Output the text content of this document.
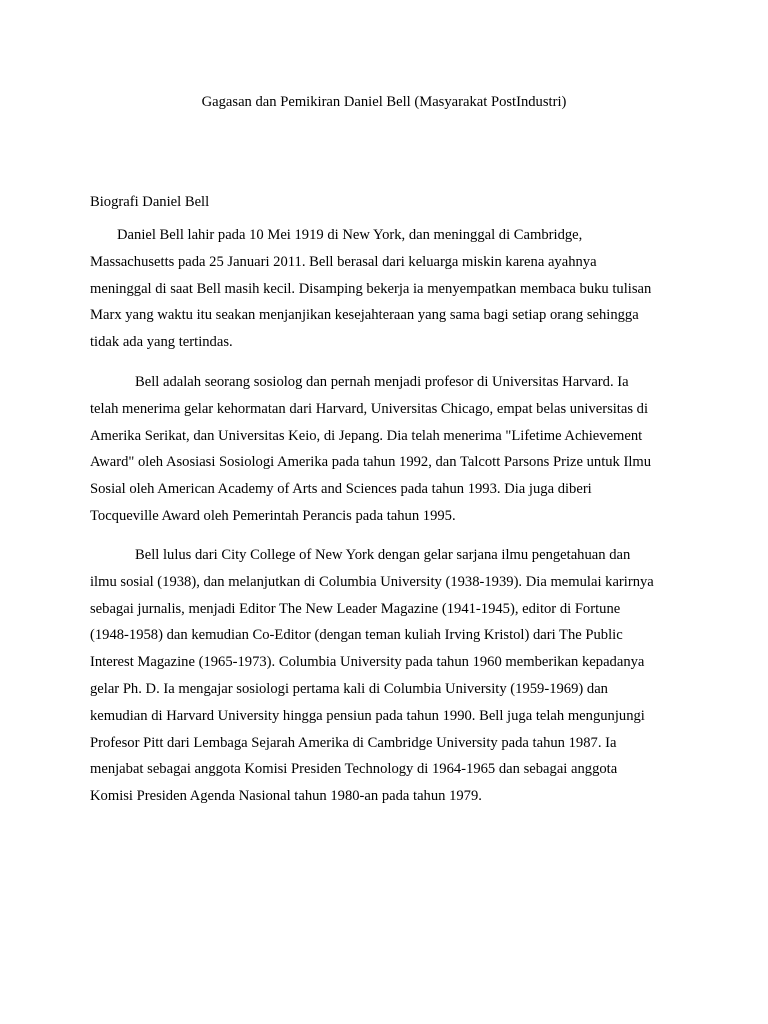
Gagasan dan Pemikiran Daniel Bell (Masyarakat PostIndustri)
Biografi Daniel Bell

Daniel Bell lahir pada 10 Mei 1919 di New York, dan meninggal di Cambridge,
Massachusetts pada 25 Januari 2011. Bell berasal dari keluarga miskin karena ayahnya
meninggal di saat Bell masih kecil. Disamping bekerja ia menyempatkan membaca buku tulisan
Marx yang waktu itu seakan menjanjikan kesejahteraan yang sama bagi setiap orang sehingga
tidak ada yang tertindas.

Bell adalah seorang sosiolog dan pernah menjadi profesor di Universitas Harvard. Ia
telah menerima gelar kehormatan dari Harvard, Universitas Chicago, empat belas universitas di
Amerika Serikat, dan Universitas Keio, di Jepang. Dia telah menerima "Lifetime Achievement
Award" oleh Asosiasi Sosiologi Amerika pada tahun 1992, dan Talcott Parsons Prize untuk Ilmu
Sosial oleh American Academy of Arts and Sciences pada tahun 1993. Dia juga diberi
Tocqueville Award oleh Pemerintah Perancis pada tahun 1995.

Bell lulus dari City College of New York dengan gelar sarjana ilmu pengetahuan dan
ilmu sosial (1938), dan melanjutkan di Columbia University (1938-1939). Dia memulai karirnya
sebagai jurnalis, menjadi Editor The New Leader Magazine (1941-1945), editor di Fortune
(1948-1958) dan kemudian Co-Editor (dengan teman kuliah Irving Kristol) dari The Public
Interest Magazine (1965-1973). Columbia University pada tahun 1960 memberikan kepadanya
gelar Ph. D. Ia mengajar sosiologi pertama kali di Columbia University (1959-1969) dan
kemudian di Harvard University hingga pensiun pada tahun 1990. Bell juga telah mengunjungi
Profesor Pitt dari Lembaga Sejarah Amerika di Cambridge University pada tahun 1987. Ia
menjabat sebagai anggota Komisi Presiden Technology di 1964-1965 dan sebagai anggota
Komisi Presiden Agenda Nasional tahun 1980-an pada tahun 1979.
